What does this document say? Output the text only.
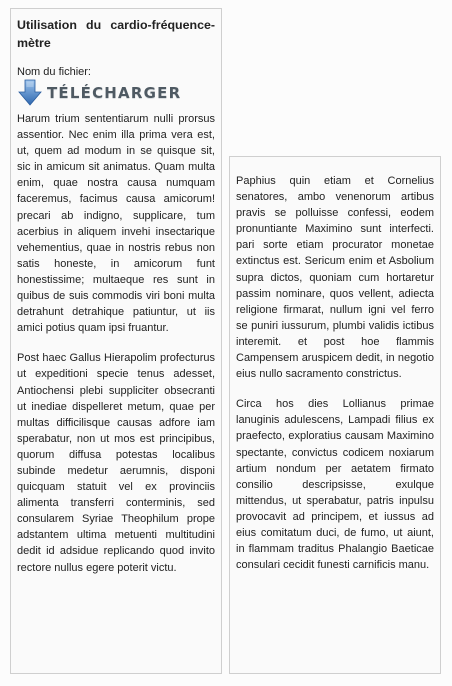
Utilisation du cardio-fréquence-mètre
Nom du fichier:
TÉLÉCHARGER

Harum trium sententiarum nulli prorsus assentior. Nec enim illa prima vera est, ut, quem ad modum in se quisque sit, sic in amicum sit animatus. Quam multa enim, quae nostra causa numquam faceremus, facimus causa amicorum! precari ab indigno, supplicare, tum acerbius in aliquem invehi insectarique vehementius, quae in nostris rebus non satis honeste, in amicorum funt honestissime; multaeque res sunt in quibus de suis commodis viri boni multa detrahunt detrahique patiuntur, ut iis amici potius quam ipsi fruantur.

Post haec Gallus Hierapolim profecturus ut expeditioni specie tenus adesset, Antiochensi plebi suppliciter obsecranti ut inediae dispelleret metum, quae per multas difficilisque causas adfore iam sperabatur, non ut mos est principibus, quorum diffusa potestas localibus subinde medetur aerumnis, disponi quicquam statuit vel ex provinciis alimenta transferri conterminis, sed consularem Syriae Theophilum prope adstantem ultima metuenti multitudini dedit id adsidue replicando quod invito rectore nullus egere poterit victu.

Paphius quin etiam et Cornelius senatores, ambo venenorum artibus pravis se polluisse confessi, eodem pronuntiante Maximino sunt interfecti. pari sorte etiam procurator monetae extinctus est. Sericum enim et Asbolium supra dictos, quoniam cum hortaretur passim nominare, quos vellent, adiecta religione firmarat, nullum igni vel ferro se puniri iussurum, plumbi validis ictibus interemit. et post hoe flammis Campensem aruspicem dedit, in negotio eius nullo sacramento constrictus.

Circa hos dies Lollianus primae lanuginis adulescens, Lampadi filius ex praefecto, exploratius causam Maximino spectante, convictus codicem noxiarum artium nondum per aetatem firmato consilio descripsisse, exulque mittendus, ut sperabatur, patris inpulsu provocavit ad principem, et iussus ad eius comitatum duci, de fumo, ut aiunt, in flammam traditus Phalangio Baeticae consulari cecidit funesti carnificis manu.
